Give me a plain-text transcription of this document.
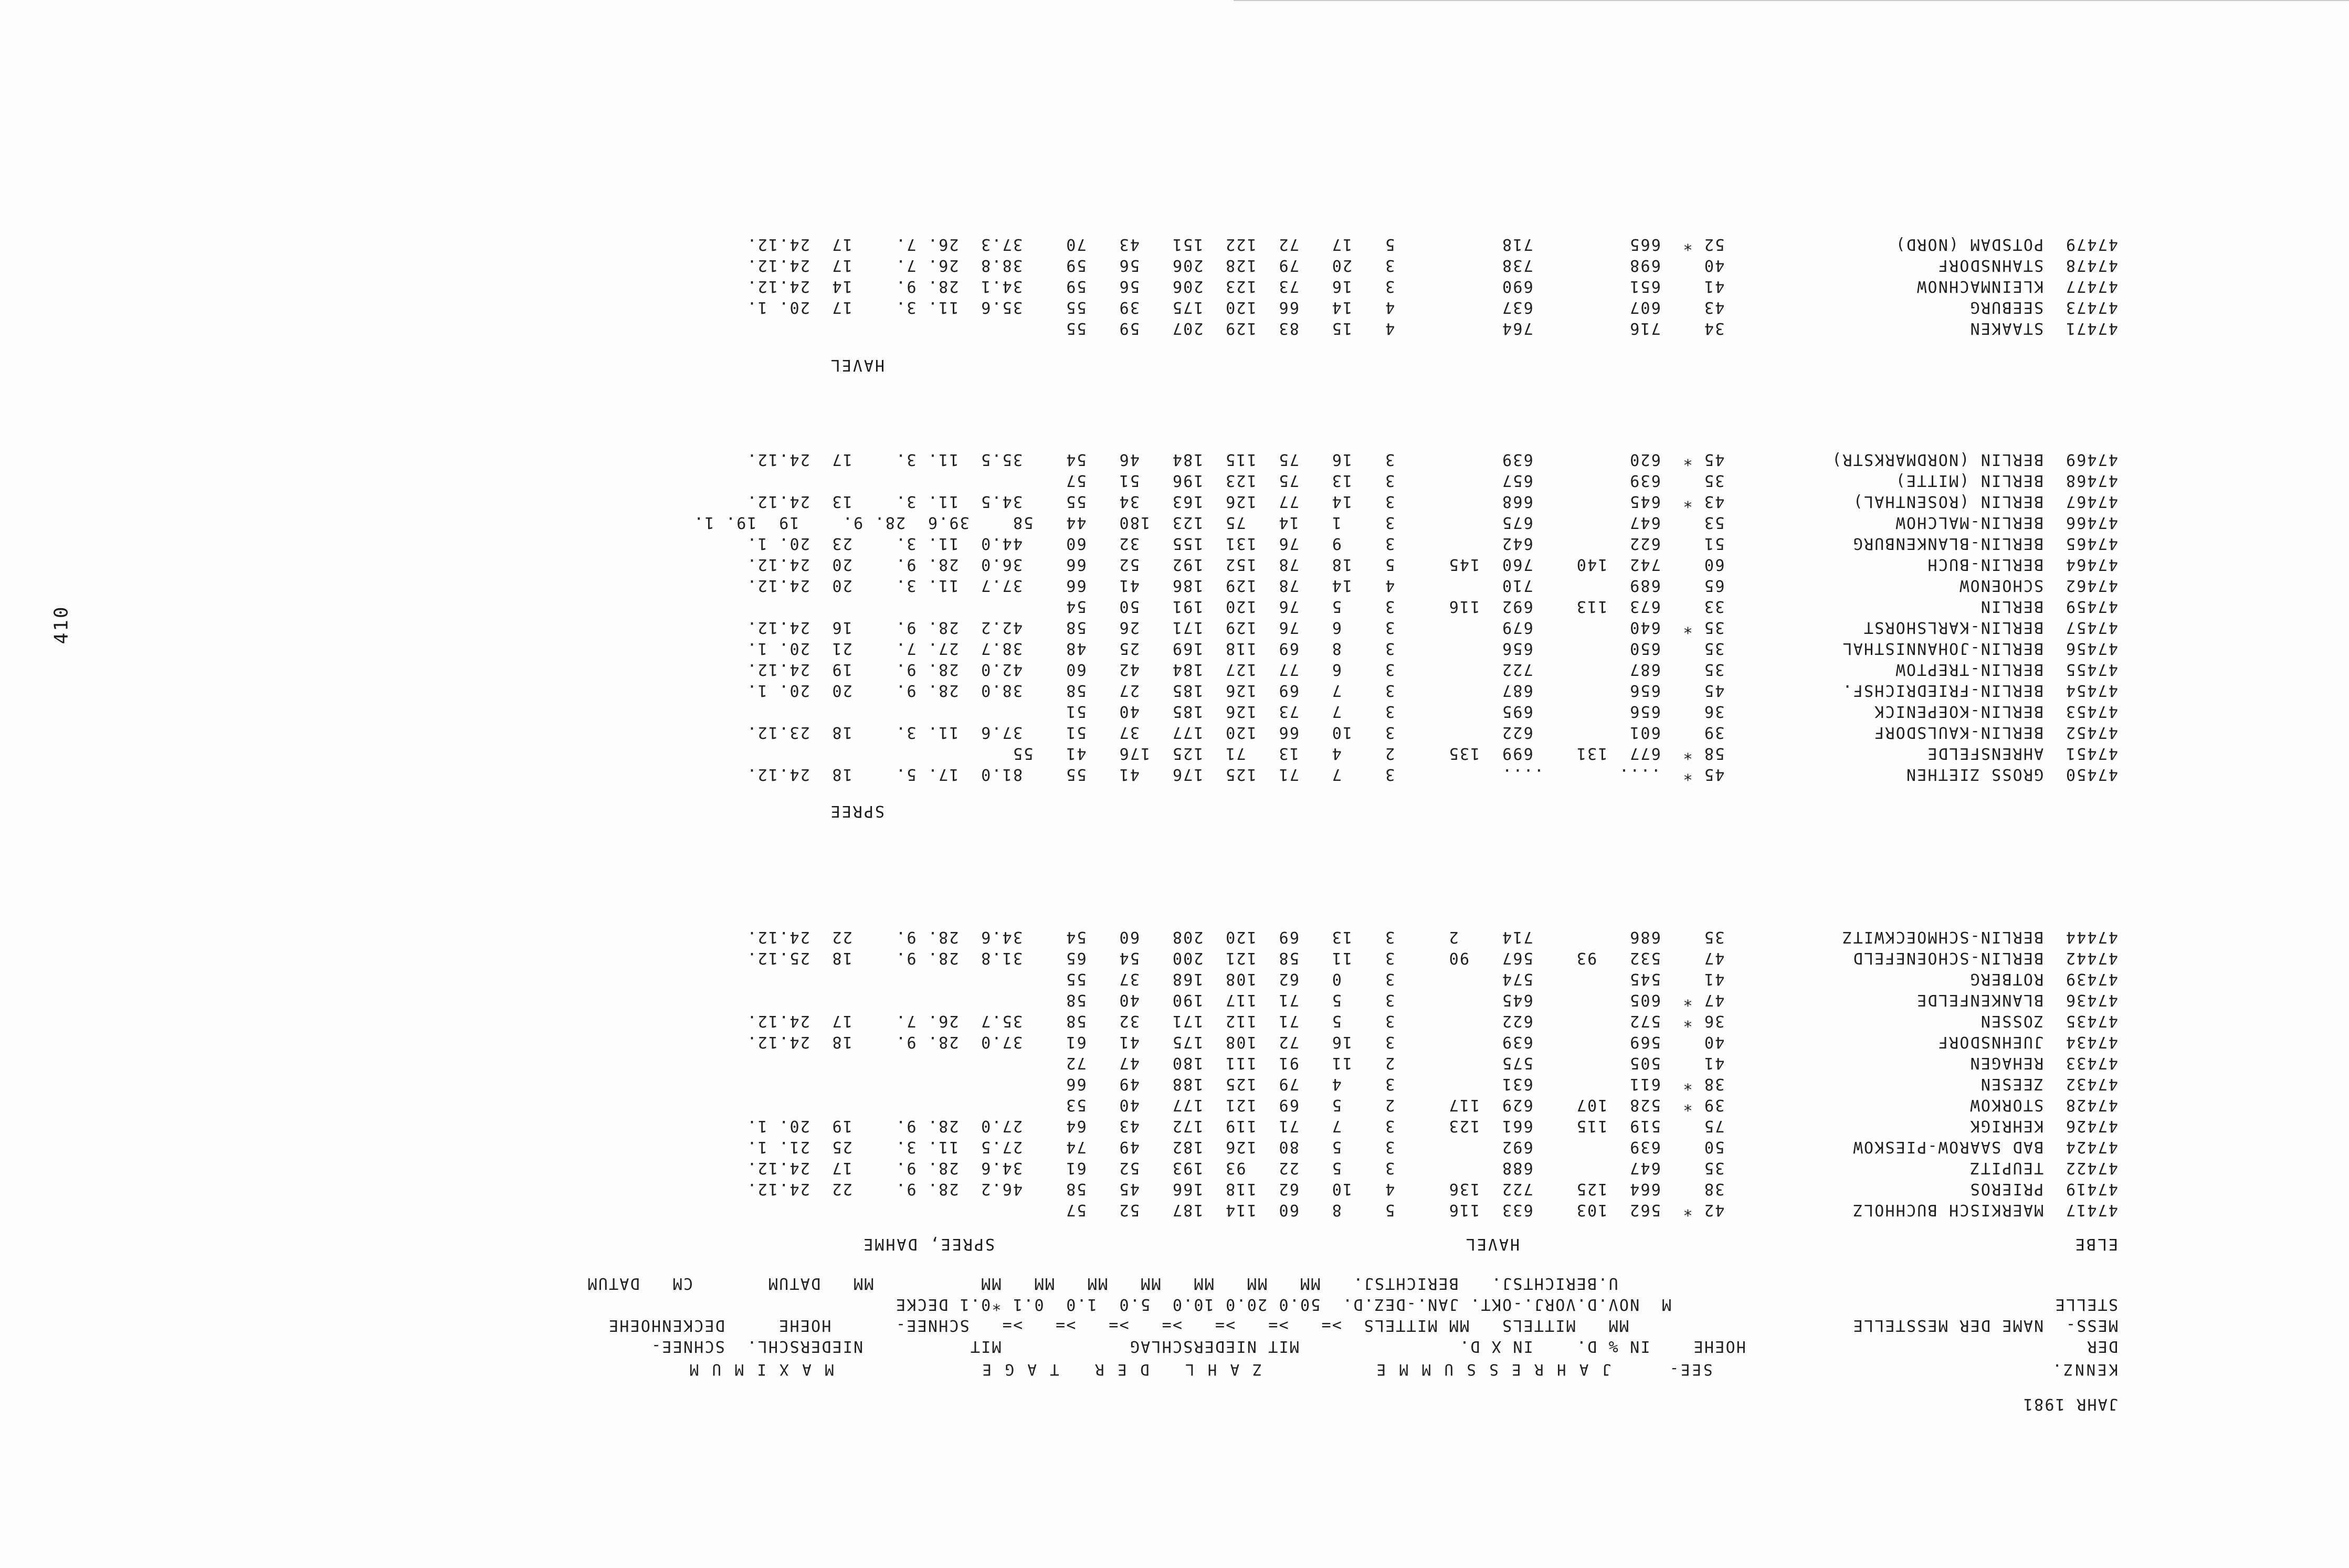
410
JAHR 1981
KENNZ.                              SEE-     J A H R E S S U M M E          Z A H L   D E R   T A G E             M A X I M U M
DER                                HOEHE    IN % D.    IN X D.               MIT NIEDERSCHLAG            MIT          NIEDERSCHL.  SCHNEE-
MESS-  NAME DER MESSTELLE                     MM   MITTELS   MM MITTELS  >=   >=   >=   >=   >=   >=   >=   SCHNEE-      HOEHE     DECKENHOEHE
STELLE                                    M  NOV.D.VORJ.-OKT. JAN.-DEZ.D.  50.0 20.0 10.0  5.0  1.0  0.1 *0.1 DECKE
U.BERICHTSJ.   BERICHTSJ.   MM   MM   MM   MM   MM   MM   MM          MM   DATUM       CM   DATUM
ELBE
HAVEL
SPREE, DAHME
47417  MAERKISCH BUCHHOLZ            42 *  562  103    633  116     5    8   60  114  187   52   57
47419  PRIEROS                       38    664  125    722  136     4   10   62  118  166   45   58    46.2  28. 9.    22  24.12.
47422  TEUPITZ                       35    647         688          3    5   22   93  193   52   61    34.6  28. 9.    17  24.12.
47424  BAD SAAROW-PIESKOW            50    639         692          3    5   80  126  182   49   74    27.5  11. 3.    25  21. 1.
47426  KEHRIGK                       75    519  115    661  123     3    7   71  119  172   43   64    27.0  28. 9.    19  20. 1.
47428  STORKOW                       39 *  528  107    629  117     2    5   69  121  177   40   53
47432  ZEESEN                        38 *  611         631          3    4   79  125  188   49   66
47433  REHAGEN                       41    505         575          2   11   91  111  180   47   72
47434  JUEHNSDORF                    40    569         639          3   16   72  108  175   41   61    37.0  28. 9.    18  24.12.
47435  ZOSSEN                        36 *  572         622          3    5   71  112  171   32   58    35.7  26. 7.    17  24.12.
47436  BLANKENFELDE                  47 *  605         645          3    5   71  117  190   40   58
47439  ROTBERG                       41    545         574          3    0   62  108  168   37   55
47442  BERLIN-SCHOENEFELD            47    532   93    567   90     3   11   58  121  200   54   65    31.8  28. 9.    18  25.12.
47444  BERLIN-SCHMOECKWITZ           35    686         714    2     3   13   69  120  208   60   54    34.6  28. 9.    22  24.12.
SPREE
47450  GROSS ZIETHEN                 45 *  ....       ....          3    7   71  125  176   41   55    81.0  17. 5.    18  24.12.
47451  AHRENSFELDE                   58 *  677  131    699  135     2    4   13   71  125  176   41   55
47452  BERLIN-KAULSDORF              39    601         622          3   10   66  120  177   37   51    37.6  11. 3.    18  23.12.
47453  BERLIN-KOEPENICK              36    656         695          3    7   73  126  185   40   51
47454  BERLIN-FRIEDRICHSF.           45    656         687          3    7   69  126  185   27   58    38.0  28. 9.    20  20. 1.
47455  BERLIN-TREPTOW                35    687         722          3    6   77  127  184   42   60    42.0  28. 9.    19  24.12.
47456  BERLIN-JOHANNISTHAL           35    650         656          3    8   69  118  169   25   48    38.7  27. 7.    21  20. 1.
47457  BERLIN-KARLSHORST             35 *  640         679          3    6   76  129  171   26   58    42.2  28. 9.    16  24.12.
47459  BERLIN                        33    673  113    692  116     3    5   76  120  191   50   54
47462  SCHOENOW                      65    689         710          4   14   78  129  186   41   66    37.7  11. 3.    20  24.12.
47464  BERLIN-BUCH                   60    742  140    760  145     5   18   78  152  192   52   66    36.0  28. 9.    20  24.12.
47465  BERLIN-BLANKENBURG            51    622         642          3    9   76  131  155   32   60    44.0  11. 3.    23  20. 1.
47466  BERLIN-MALCHOW                53    647         675          3    1   14   75  123  180   44   58    39.6  28. 9.    19  19. 1.
47467  BERLIN (ROSENTHAL)            43 *  645         668          3   14   77  126  163   34   55    34.5  11. 3.    13  24.12.
47468  BERLIN (MITTE)                35    639         657          3   13   75  123  196   51   57
47469  BERLIN (NORDMARKSTR)          45 *  620         639          3   16   75  115  184   46   54    35.5  11. 3.    17  24.12.
HAVEL
47471  STAAKEN                       34    716         764          4   15   83  129  207   59   55
47473  SEEBURG                       43    607         637          4   14   66  120  175   39   55    35.6  11. 3.    17  20. 1.
47477  KLEINMACHNOW                  41    651         690          3   16   73  123  206   56   59    34.1  28. 9.    14  24.12.
47478  STAHNSDORF                    40    698         738          3   20   79  128  206   56   59    38.8  26. 7.    17  24.12.
47479  POTSDAM (NORD)                52 *  665         718          5   17   72  122  151   43   70    37.3  26. 7.    17  24.12.
